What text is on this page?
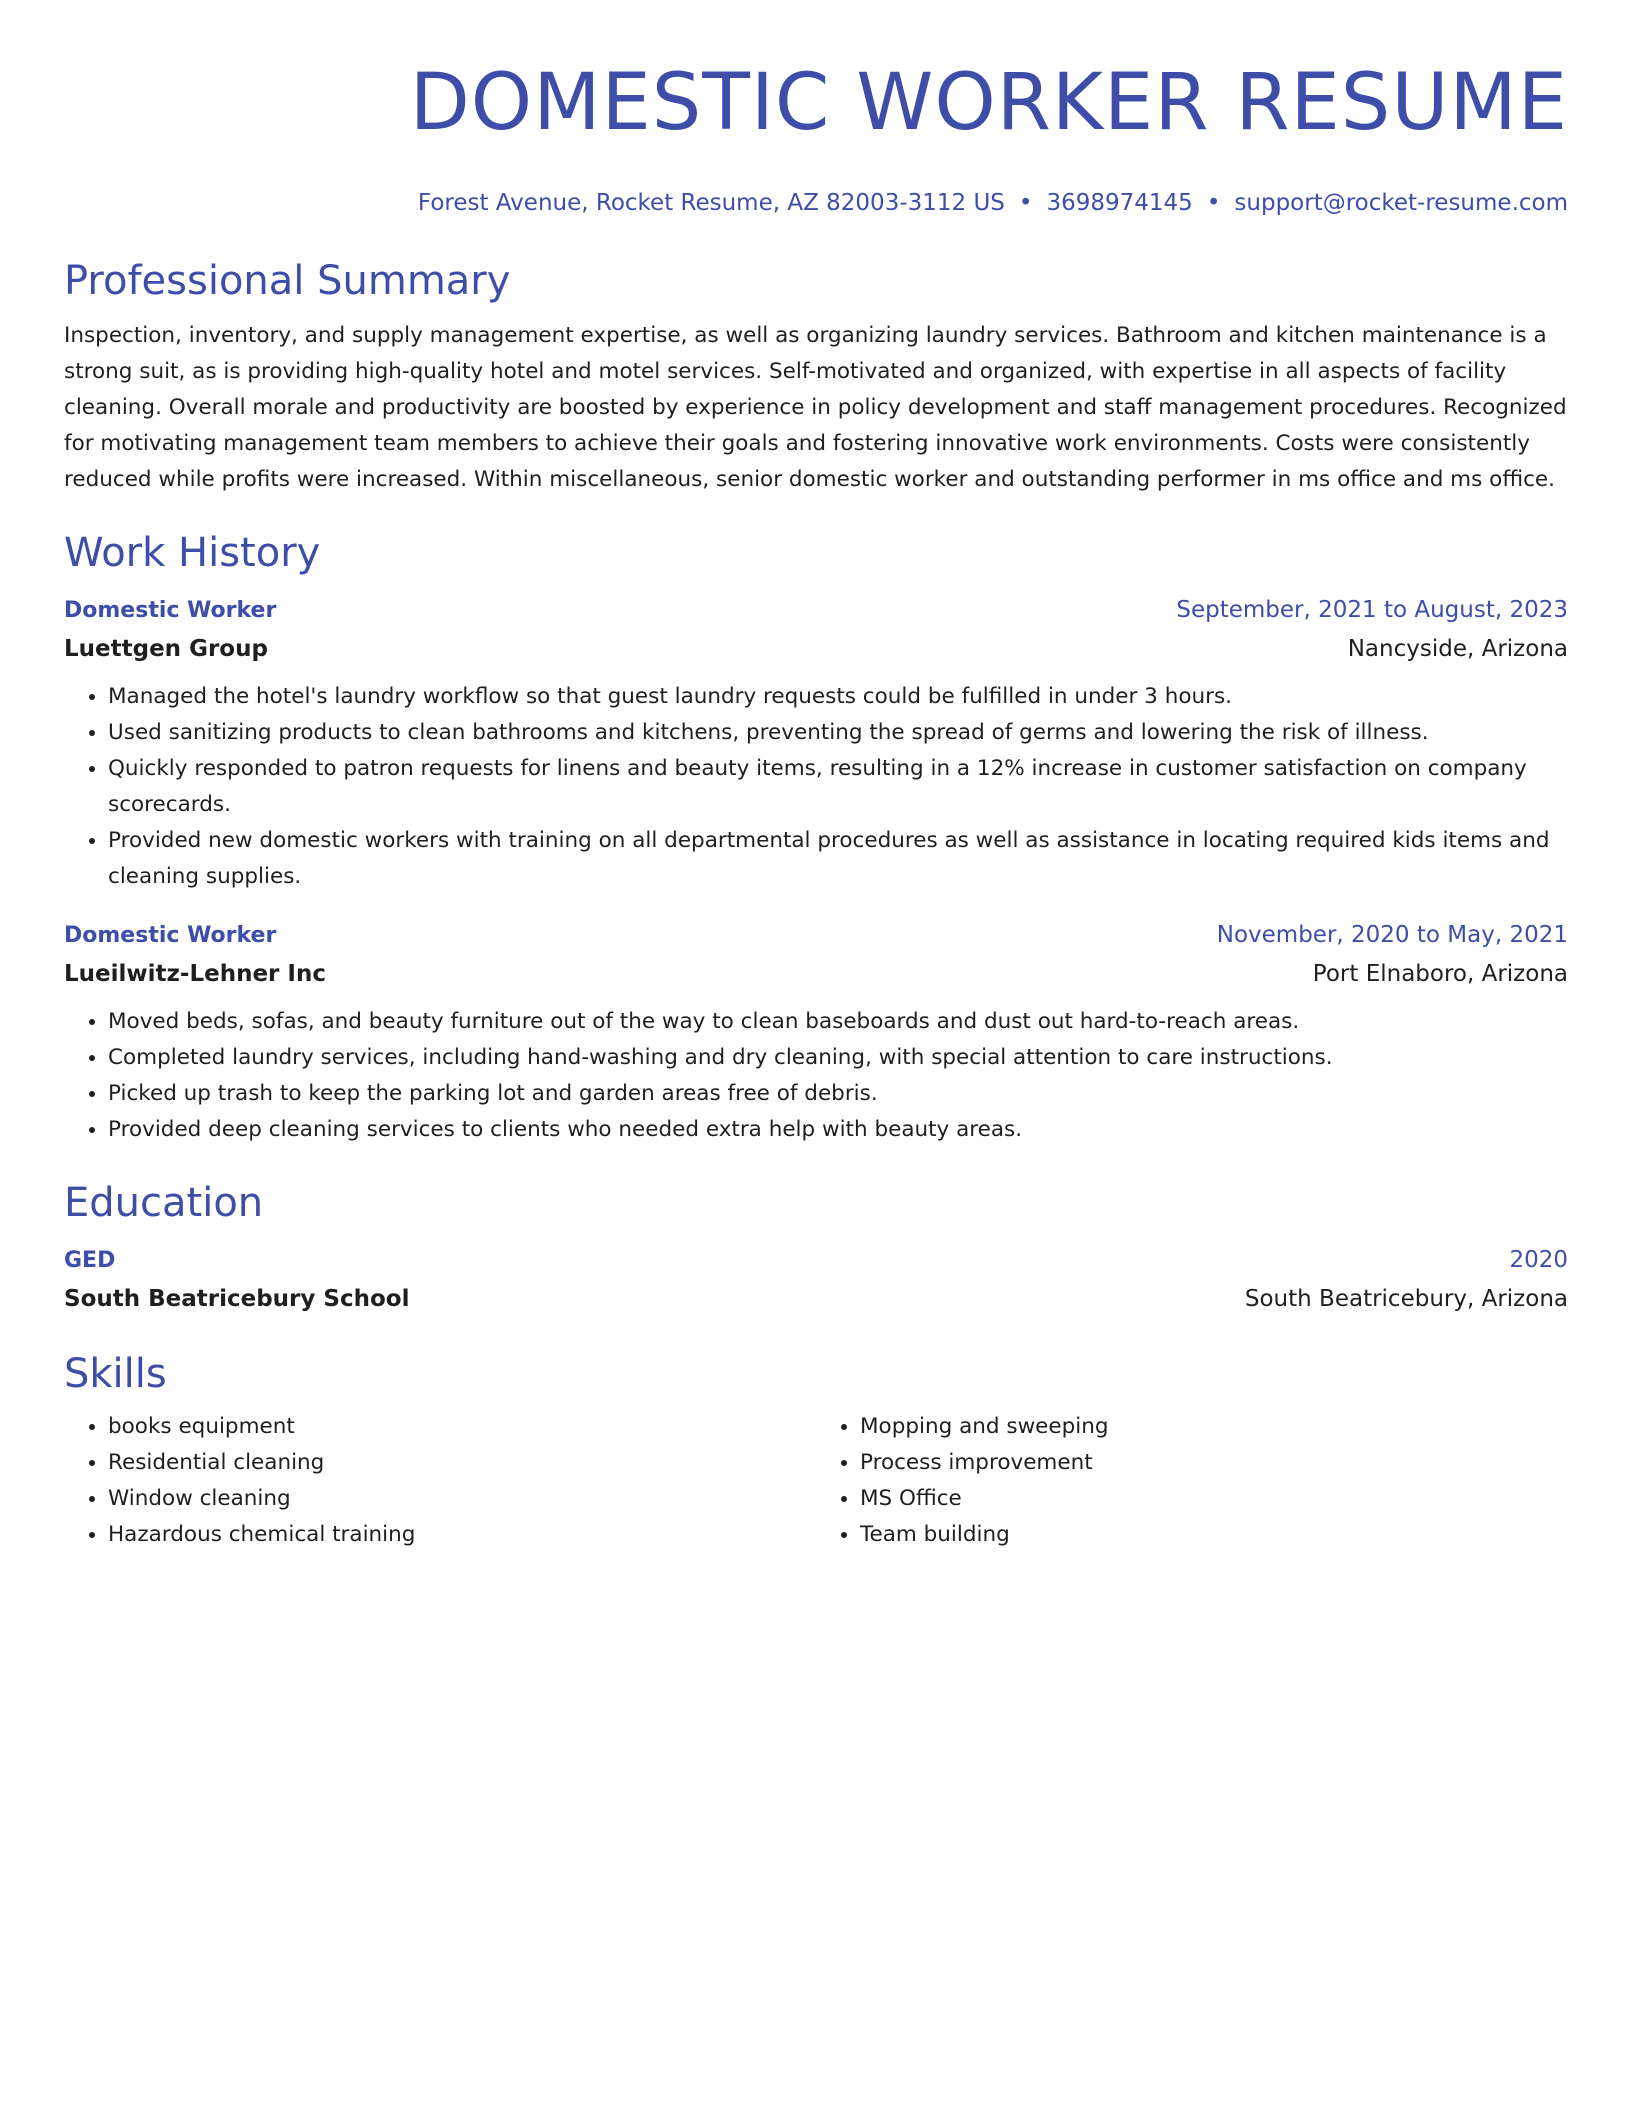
DOMESTIC WORKER RESUME
Forest Avenue, Rocket Resume, AZ 82003-3112 US • 3698974145 • support@rocket-resume.com
Professional Summary

Inspection, inventory, and supply management expertise, as well as organizing laundry services. Bathroom and kitchen maintenance is a strong suit, as is providing high-quality hotel and motel services. Self-motivated and organized, with expertise in all aspects of facility cleaning. Overall morale and productivity are boosted by experience in policy development and staff management procedures. Recognized for motivating management team members to achieve their goals and fostering innovative work environments. Costs were consistently reduced while profits were increased. Within miscellaneous, senior domestic worker and outstanding performer in ms office and ms office.

Work History
Domestic Worker	September, 2021 to August, 2023
Luettgen Group	Nancyside, Arizona
• Managed the hotel's laundry workflow so that guest laundry requests could be fulfilled in under 3 hours.
• Used sanitizing products to clean bathrooms and kitchens, preventing the spread of germs and lowering the risk of illness.
• Quickly responded to patron requests for linens and beauty items, resulting in a 12% increase in customer satisfaction on company scorecards.
• Provided new domestic workers with training on all departmental procedures as well as assistance in locating required kids items and cleaning supplies.
Domestic Worker	November, 2020 to May, 2021
Lueilwitz-Lehner Inc	Port Elnaboro, Arizona
• Moved beds, sofas, and beauty furniture out of the way to clean baseboards and dust out hard-to-reach areas.
• Completed laundry services, including hand-washing and dry cleaning, with special attention to care instructions.
• Picked up trash to keep the parking lot and garden areas free of debris.
• Provided deep cleaning services to clients who needed extra help with beauty areas.
Education
GED	2020
South Beatricebury School	South Beatricebury, Arizona
Skills
• books equipment
• Residential cleaning
• Window cleaning
• Hazardous chemical training
• Mopping and sweeping
• Process improvement
• MS Office
• Team building
